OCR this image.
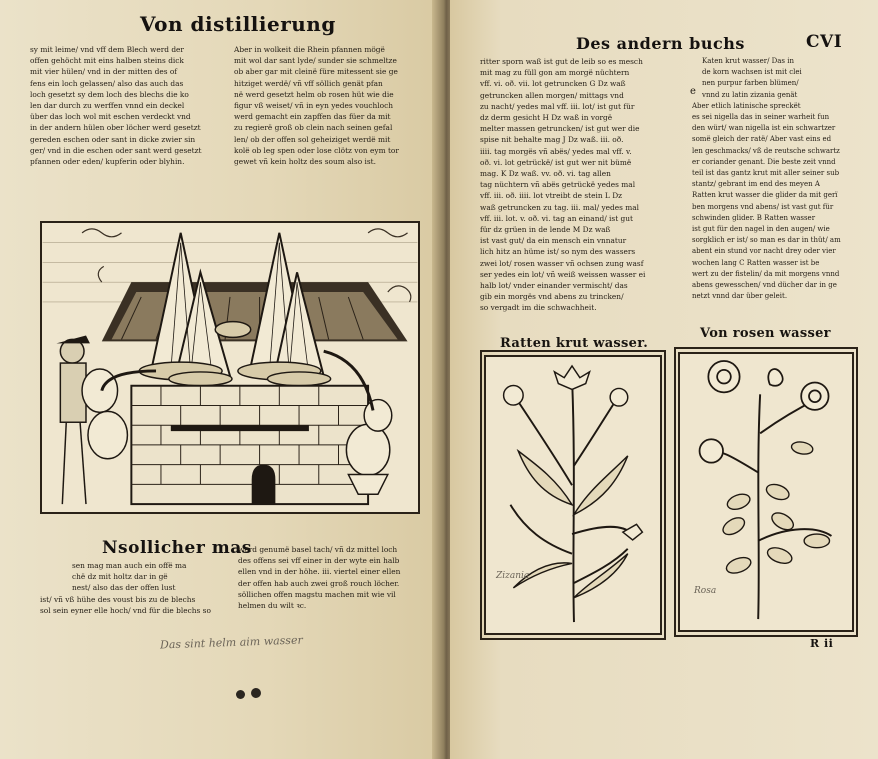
Von distillierung

sy mit leime/ vnd vff dem Blech werd der

offen gehöcht mit eins halben steins dick

mit vier hülen/ vnd in der mitten des of

fens ein loch gelassen/ also das auch das

loch gesetzt sy dem loch des blechs die ko

len dar durch zu werffen vnnd ein deckel

über das loch wol mit eschen verdeckt vnd

in der andern hülen ober löcher werd gesetzt

gereden eschen oder sant in dicke zwier sin

ger/ vnd in die eschen oder sant werd gesetzt

pfannen oder eden/ kupferin oder blyhin.

Aber in wolkeit die Rhein pfannen mögë

mit wol dar sant lyde/ sunder sie schmeltze

ob aber gar mit cleinë füre mitessent sie ge

hitziget werdë/ vñ vff söllich genät pfan

në werd gesetzt helm ob rosen hüt wie die

figur vß weiset/ vñ in eyn yedes vouchloch

werd gemacht ein zapffen das füer da mit

zu regierë groß ob clein nach seinen gefal

len/ ob der offen sol geheiziget werdë mit

kolë ob leg spen oder lose clötz von eym tor

gewet vñ kein holtz des soum also ist.

Nsollicher mas

sen mag man auch ein offë ma

chë dz mit holtz dar in gë

nest/ also das der offen lust

ist/ vñ vß hühe des voust bis zu de blechs

sol sein eyner elle hoch/ vnd für die blechs so

werd genumë basel tach/ vñ dz mittel loch

des offens sei vff einer in der wyte ein halb

ellen vnd in der höhe. iii. viertel einer ellen

der offen hab auch zwei groß rouch löcher.

söllichen offen magstu machen mit wie vil

helmen du wilt ꝛc.

Das sint helm aim wasser
Des andern buchs	CVI

ritter sporn waß ist gut de leib so es mesch

mit mag zu füll gon am morgë nüchtern

vff. vi. oð. vii. lot getruncken G Dz waß

getruncken allen morgen/ mittags vnd

zu nacht/ yedes mal vff. iii. lot/ ist gut für

dz derm gesicht H Dz waß in vorgë

melter massen getruncken/ ist gut wer die

spise nit behalte mag J Dz waß. iii. oð.

iiii. tag morgës vñ abës/ yedes mal vff. v.

oð. vi. lot getrückë/ ist gut wer nit bümë

mag. K Dz waß. vv. oð. vi. tag allen

tag nüchtern vñ abës getrückë yedes mal

vff. iii. oð. iiii. lot vtreibt de stein L Dz

waß getruncken zu tag. iii. mal/ yedes mal

vff. iii. lot. v. oð. vi. tag an einand/ ist gut

für dz grüen in de lende M Dz waß

ist vast gut/ da ein mensch ein vnnatur

lich hitz an hüme ist/ so nym des wassers

zwei lot/ rosen wasser vñ ochsen zung wasf

ser yedes ein lot/ vñ weiß weissen wasser ei

halb lot/ vnder einander vermischt/ das

gib ein morgës vnd abens zu trincken/

so vergadt im die schwachheit.

e

Katen krut wasser/ Das in

de korn wachsen ist mit clei

nen purpur farben blümen/

vnnd zu latin zizania genät

Aber etlich latinische spreckët

es sei nigella das in seiner warheit fun

den würt/ wan nigella ist ein schwartzer

somë gleich der ratë/ Aber vast eins ed

len geschmacks/ vß de reutsche schwartz

er coriander genant. Die beste zeit vnnd

teil ist das gantz krut mit aller seiner sub

stantz/ gebrant im end des meyen A

Ratten krut wasser die glider da mit gerï

ben morgens vnd abens/ ist vast gut für

schwinden glider. B Ratten wasser

ist gut für den nagel in den augen/ wie

sorgklich er ist/ so man es dar in thüt/ am

abent ein stund vor nacht drey oder vier

wochen lang C Ratten wasser ist be

wert zu der fistelin/ da mit morgens vnnd

abens gewesschen/ vnd dücher dar in ge

netzt vnnd dar über geleit.

Ratten krut wasser.
Von rosen wasser
Zizania
Rosa
R ii
